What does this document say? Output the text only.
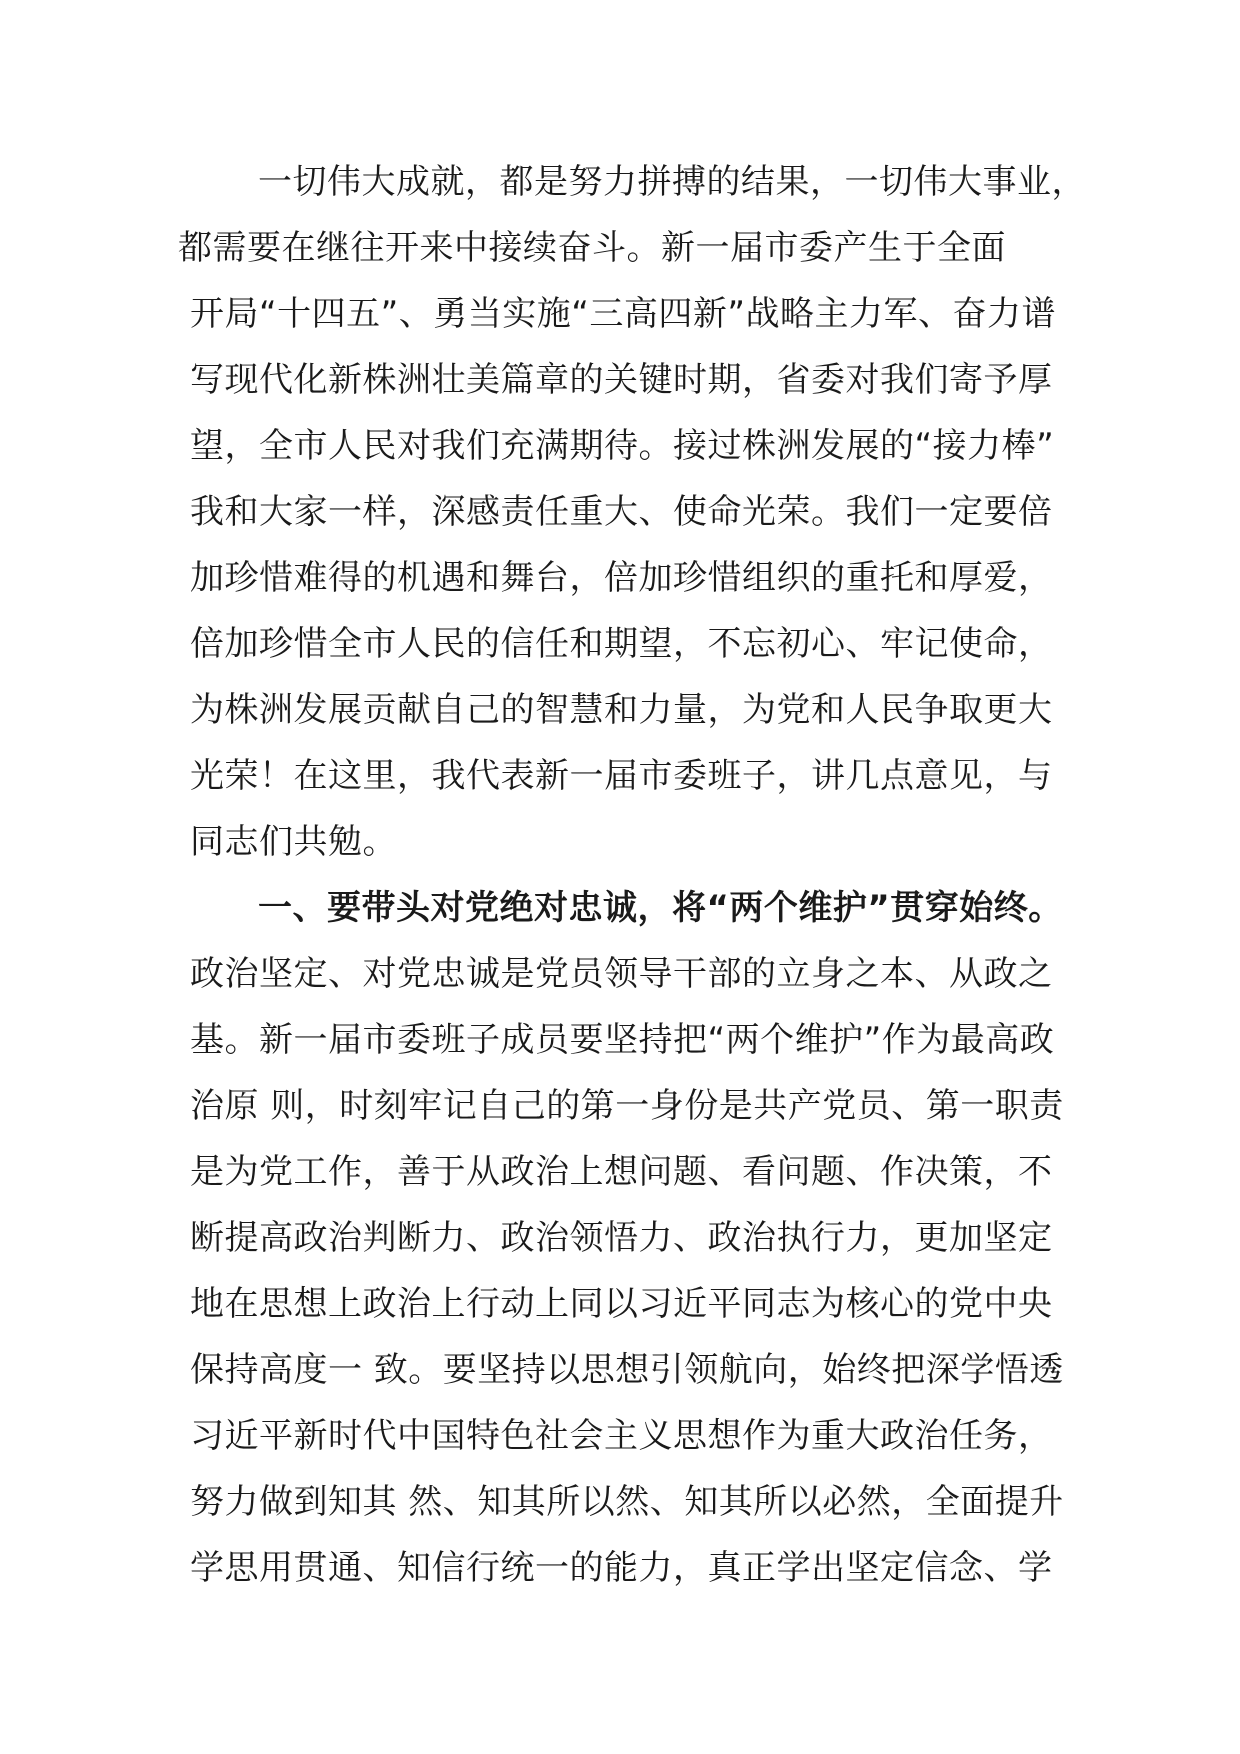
一切伟大成就，都是努力拼搏的结果，一切伟大事业，
都需要在继往开来中接续奋斗。新一届市委产生于全面
开局“十四五”、勇当实施“三高四新”战略主力军、奋力谱
写现代化新株洲壮美篇章的关键时期，省委对我们寄予厚
望，全市人民对我们充满期待。接过株洲发展的“接力棒”
我和大家一样，深感责任重大、使命光荣。我们一定要倍
加珍惜难得的机遇和舞台，倍加珍惜组织的重托和厚爱，
倍加珍惜全市人民的信任和期望，不忘初心、牢记使命，
为株洲发展贡献自己的智慧和力量，为党和人民争取更大
光荣！在这里，我代表新一届市委班子，讲几点意见，与
同志们共勉。
一、要带头对党绝对忠诚，将“两个维护”贯穿始终。
政治坚定、对党忠诚是党员领导干部的立身之本、从政之
基。新一届市委班子成员要坚持把“两个维护”作为最高政
治原 则，时刻牢记自己的第一身份是共产党员、第一职责
是为党工作，善于从政治上想问题、看问题、作决策，不
断提高政治判断力、政治领悟力、政治执行力，更加坚定
地在思想上政治上行动上同以习近平同志为核心的党中央
保持高度一 致。要坚持以思想引领航向，始终把深学悟透
习近平新时代中国特色社会主义思想作为重大政治任务，
努力做到知其 然、知其所以然、知其所以必然，全面提升
学思用贯通、知信行统一的能力，真正学出坚定信念、学
